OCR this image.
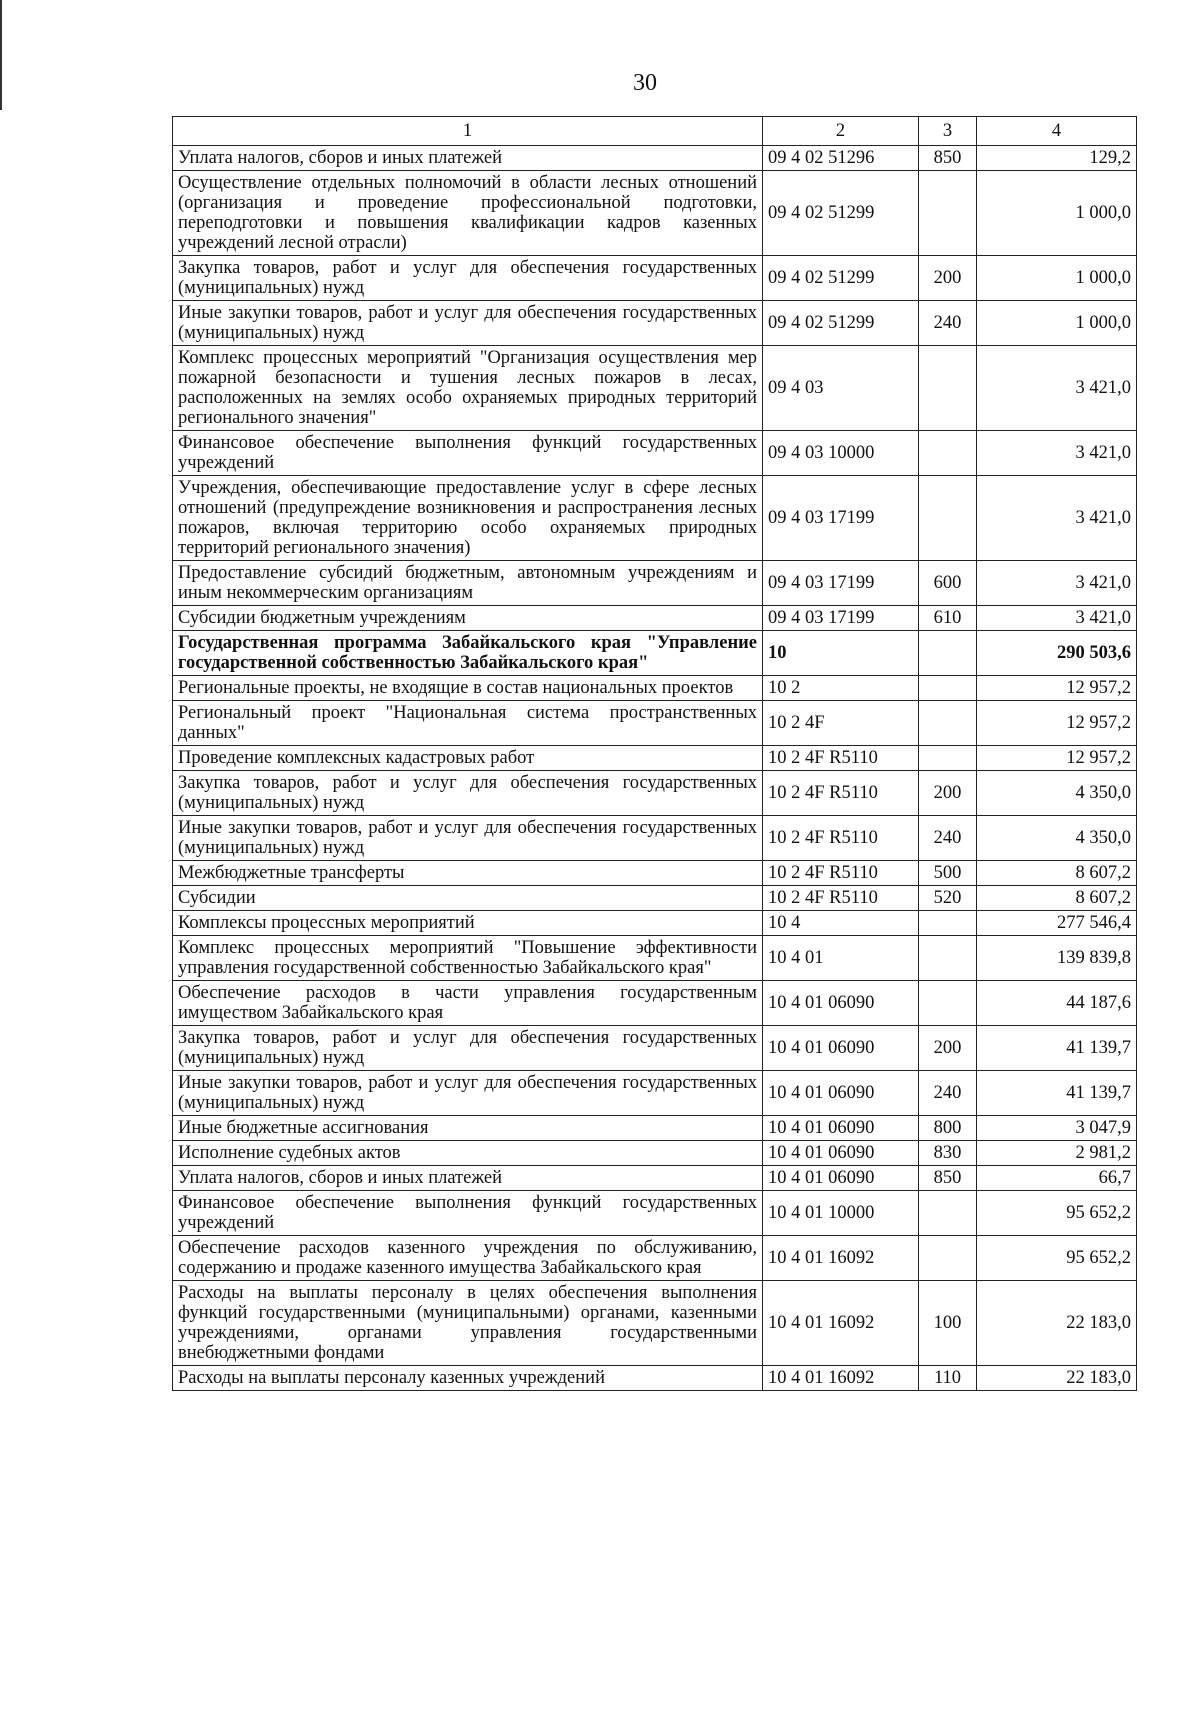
30
1	2	3	4
Уплата налогов, сборов и иных платежей	09 4 02 51296	850	129,2
Осуществление отдельных полномочий в области лесных отношений (организация и проведение профессиональной подготовки, переподготовки и повышения квалификации кадров казенных учреждений лесной отрасли)	09 4 02 51299		1 000,0
Закупка товаров, работ и услуг для обеспечения государственных (муниципальных) нужд	09 4 02 51299	200	1 000,0
Иные закупки товаров, работ и услуг для обеспечения государственных (муниципальных) нужд	09 4 02 51299	240	1 000,0
Комплекс процессных мероприятий "Организация осуществления мер пожарной безопасности и тушения лесных пожаров в лесах, расположенных на землях особо охраняемых природных территорий регионального значения"	09 4 03		3 421,0
Финансовое обеспечение выполнения функций государственных учреждений	09 4 03 10000		3 421,0
Учреждения, обеспечивающие предоставление услуг в сфере лесных отношений (предупреждение возникновения и распространения лесных пожаров, включая территорию особо охраняемых природных территорий регионального значения)	09 4 03 17199		3 421,0
Предоставление субсидий бюджетным, автономным учреждениям и иным некоммерческим организациям	09 4 03 17199	600	3 421,0
Субсидии бюджетным учреждениям	09 4 03 17199	610	3 421,0
Государственная программа Забайкальского края "Управление государственной собственностью Забайкальского края"	10		290 503,6
Региональные проекты, не входящие в состав национальных проектов	10 2		12 957,2
Региональный проект "Национальная система пространственных данных"	10 2 4F		12 957,2
Проведение комплексных кадастровых работ	10 2 4F R5110		12 957,2
Закупка товаров, работ и услуг для обеспечения государственных (муниципальных) нужд	10 2 4F R5110	200	4 350,0
Иные закупки товаров, работ и услуг для обеспечения государственных (муниципальных) нужд	10 2 4F R5110	240	4 350,0
Межбюджетные трансферты	10 2 4F R5110	500	8 607,2
Субсидии	10 2 4F R5110	520	8 607,2
Комплексы процессных мероприятий	10 4		277 546,4
Комплекс процессных мероприятий "Повышение эффективности управления государственной собственностью Забайкальского края"	10 4 01		139 839,8
Обеспечение расходов в части управления государственным имуществом Забайкальского края	10 4 01 06090		44 187,6
Закупка товаров, работ и услуг для обеспечения государственных (муниципальных) нужд	10 4 01 06090	200	41 139,7
Иные закупки товаров, работ и услуг для обеспечения государственных (муниципальных) нужд	10 4 01 06090	240	41 139,7
Иные бюджетные ассигнования	10 4 01 06090	800	3 047,9
Исполнение судебных актов	10 4 01 06090	830	2 981,2
Уплата налогов, сборов и иных платежей	10 4 01 06090	850	66,7
Финансовое обеспечение выполнения функций государственных учреждений	10 4 01 10000		95 652,2
Обеспечение расходов казенного учреждения по обслуживанию, содержанию и продаже казенного имущества Забайкальского края	10 4 01 16092		95 652,2
Расходы на выплаты персоналу в целях обеспечения выполнения функций государственными (муниципальными) органами, казенными учреждениями, органами управления государственными внебюджетными фондами	10 4 01 16092	100	22 183,0
Расходы на выплаты персоналу казенных учреждений	10 4 01 16092	110	22 183,0
